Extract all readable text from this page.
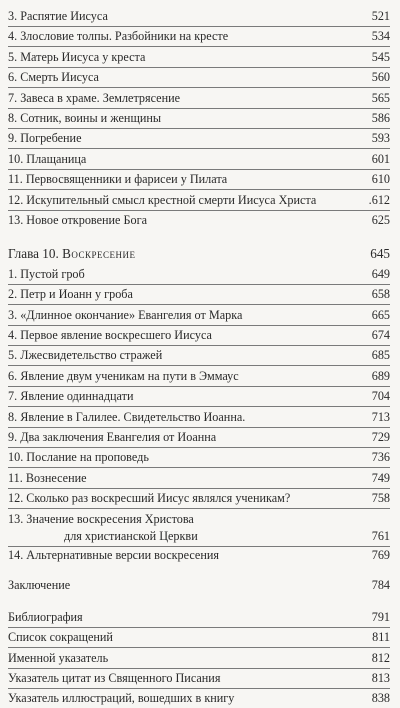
3. Распятие Иисуса	521
4. Злословие толпы. Разбойники на кресте	534
5. Матерь Иисуса у креста	545
6. Смерть Иисуса	560
7. Завеса в храме. Землетрясение	565
8. Сотник, воины и женщины	586
9. Погребение	593
10. Плащаница	601
11. Первосвященники и фарисеи у Пилата	610
12. Искупительный смысл крестной смерти Иисуса Христа	.612
13. Новое откровение Бога	625
Глава 10. Воскресение	645
1. Пустой гроб	649
2. Петр и Иоанн у гроба	658
3. «Длинное окончание» Евангелия от Марка	665
4. Первое явление воскресшего Иисуса	674
5. Лжесвидетельство стражей	685
6. Явление двум ученикам на пути в Эммаус	689
7. Явление одиннадцати	704
8. Явление в Галилее. Свидетельство Иоанна.	713
9. Два заключения Евангелия от Иоанна	729
10. Послание на проповедь	736
11. Вознесение	749
12. Сколько раз воскресший Иисус являлся ученикам?	758
13. Значение воскресения Христова
для христианской Церкви	761
14. Альтернативные версии воскресения	769
Заключение	784
Библиография	791
Список сокращений	811
Именной указатель	812
Указатель цитат из Священного Писания	813
Указатель иллюстраций, вошедших в книгу	838
